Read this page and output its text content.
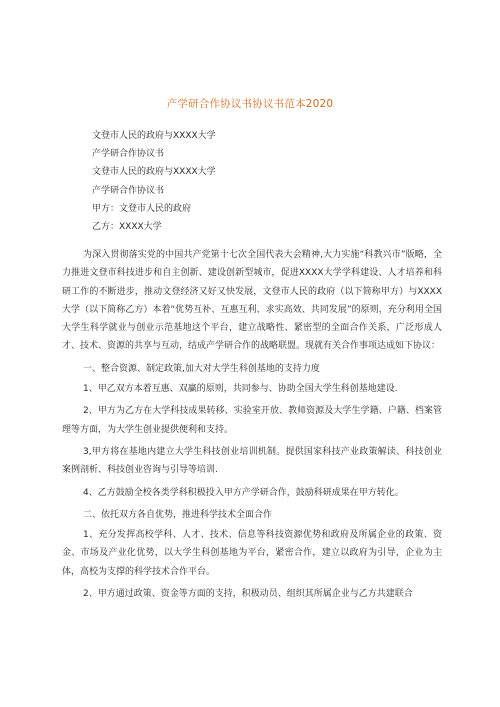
产学研合作协议书协议书范本2020
文登市人民的政府与XXXX大学
产学研合作协议书
文登市人民的政府与XXXX大学
产学研合作协议书
甲方：文登市人民的政府
乙方：XXXX大学

为深入贯彻落实党的中国共产党第十七次全国代表大会精神,大力实施“科教兴市”版略，全力推进文登市科技进步和自主创新、建设创新型城市，促进XXXX大学学科建设、人才培养和科研工作的不断进步，推动文登经济又好又快发展，文登市人民的政府（以下简称甲方）与XXXX大学（以下简称乙方）本着“优势互补、互惠互利、求实高效、共同发展”的原则，充分利用全国大学生科学就业与创业示范基地这个平台，建立战略性、紧密型的全面合作关系，广泛形成人才、技术、资源的共享与互动，结成产学研合作的战略联盟。现就有关合作事项达成如下协议：

一、整合资源、制定政策,加大对大学生科创基地的支持力度

1、甲乙双方本着互惠、双赢的原则，共同参与、协助全国大学生科创基地建设.

2、甲方为乙方在大学科技成果转移、实验室开放、教师资源及大学生学籍、户籍、档案管理等方面，为大学生创业提供便利和支持。

3,甲方将在基地内建立大学生科技创业培训机制。提供国家科技产业政策解读、科技创业案例剖析、科技创业咨询与引导等培训.

4、乙方鼓励全校各类学科积极投入甲方产学研合作，鼓励科研成果在甲方转化。

二、依托双方各自优势，推进科学技术全面合作

1、充分发挥高校学科、人才、技术、信息等科技资源优势和政府及所属企业的政策、资金、市场及产业化优势，以大学生科创基地为平台，紧密合作，建立以政府为引导，企业为主体，高校为支撑的科学技术合作平台。

2、甲方通过政策、资金等方面的支持，积极动员、组织其所属企业与乙方共建联合
